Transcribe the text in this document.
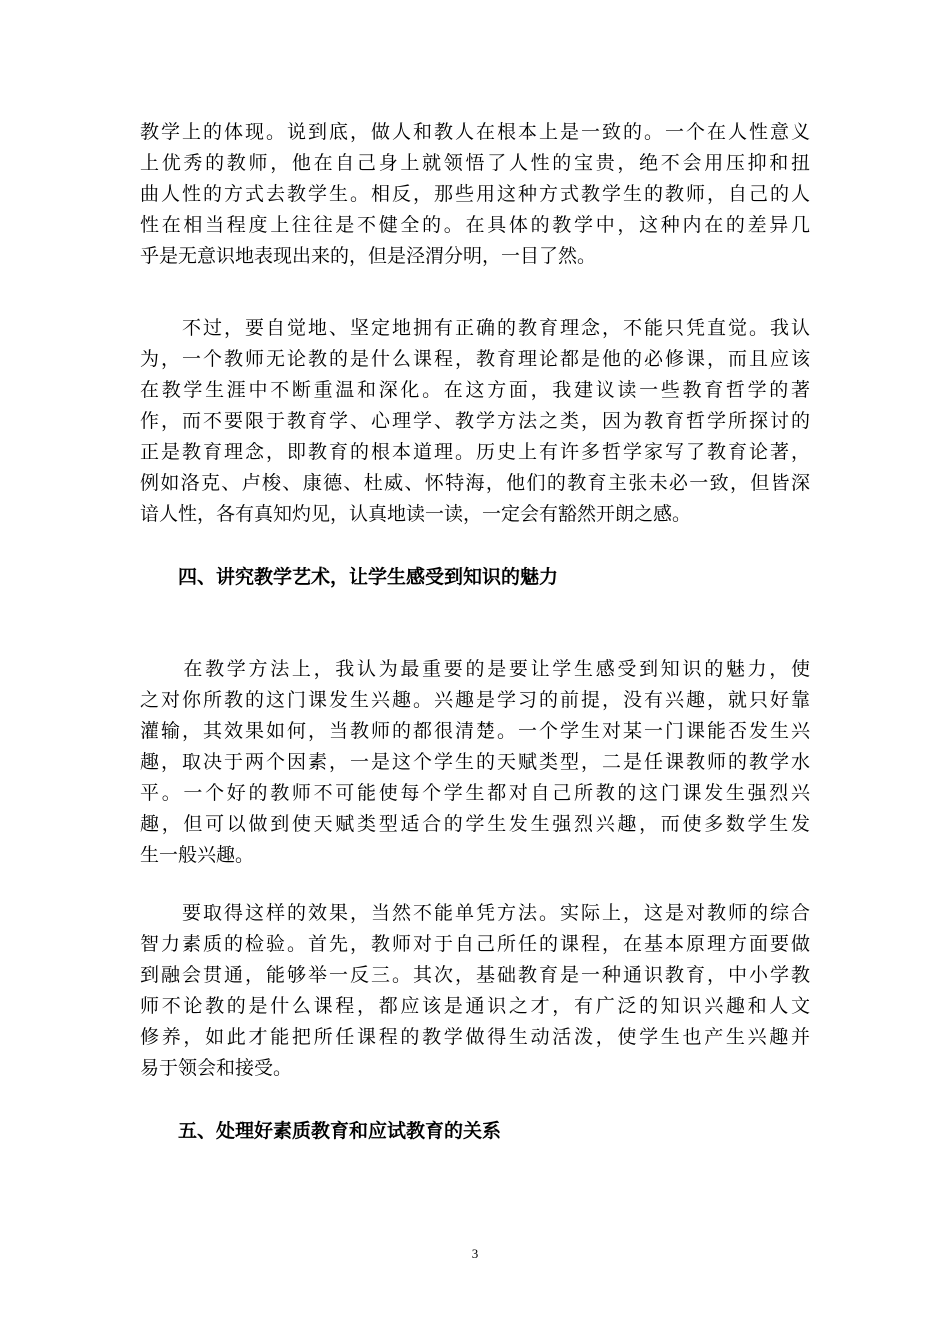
教学上的体现。说到底，做人和教人在根本上是一致的。一个在人性意义
上优秀的教师，他在自己身上就领悟了人性的宝贵，绝不会用压抑和扭
曲人性的方式去教学生。相反，那些用这种方式教学生的教师，自己的人
性在相当程度上往往是不健全的。在具体的教学中，这种内在的差异几
乎是无意识地表现出来的，但是泾渭分明，一目了然。
　　不过，要自觉地、坚定地拥有正确的教育理念，不能只凭直觉。我认
为，一个教师无论教的是什么课程，教育理论都是他的必修课，而且应该
在教学生涯中不断重温和深化。在这方面，我建议读一些教育哲学的著
作，而不要限于教育学、心理学、教学方法之类，因为教育哲学所探讨的
正是教育理念，即教育的根本道理。历史上有许多哲学家写了教育论著，
例如洛克、卢梭、康德、杜威、怀特海，他们的教育主张未必一致，但皆深
谙人性，各有真知灼见，认真地读一读，一定会有豁然开朗之感。
　　四、讲究教学艺术，让学生感受到知识的魅力
　　在教学方法上，我认为最重要的是要让学生感受到知识的魅力，使
之对你所教的这门课发生兴趣。兴趣是学习的前提，没有兴趣，就只好靠
灌输，其效果如何，当教师的都很清楚。一个学生对某一门课能否发生兴
趣，取决于两个因素，一是这个学生的天赋类型，二是任课教师的教学水
平。一个好的教师不可能使每个学生都对自己所教的这门课发生强烈兴
趣，但可以做到使天赋类型适合的学生发生强烈兴趣，而使多数学生发
生一般兴趣。
　　要取得这样的效果，当然不能单凭方法。实际上，这是对教师的综合
智力素质的检验。首先，教师对于自己所任的课程，在基本原理方面要做
到融会贯通，能够举一反三。其次，基础教育是一种通识教育，中小学教
师不论教的是什么课程，都应该是通识之才，有广泛的知识兴趣和人文
修养，如此才能把所任课程的教学做得生动活泼，使学生也产生兴趣并
易于领会和接受。
　　五、处理好素质教育和应试教育的关系
3
